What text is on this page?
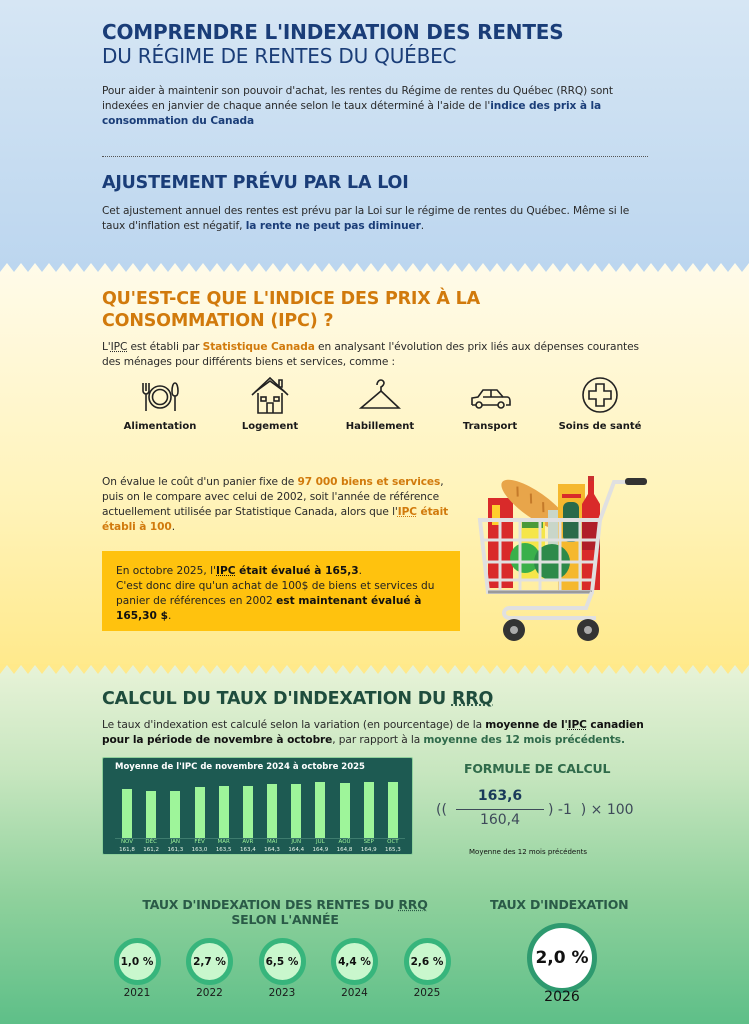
COMPRENDRE L'INDEXATION DES RENTES
DU RÉGIME DE RENTES DU QUÉBEC

Pour aider à maintenir son pouvoir d'achat, les rentes du Régime de rentes du Québec (RRQ) sont indexées en janvier de chaque année selon le taux déterminé à l'aide de l'indice des prix à la consommation du Canada

AJUSTEMENT PRÉVU PAR LA LOI

Cet ajustement annuel des rentes est prévu par la Loi sur le régime de rentes du Québec. Même si le taux d'inflation est négatif, la rente ne peut pas diminuer.

QU'EST-CE QUE L'INDICE DES PRIX À LA
CONSOMMATION (IPC) ?

L'IPC est établi par Statistique Canada en analysant l'évolution des prix liés aux dépenses courantes des ménages pour différents biens et services, comme :

Alimentation	Logement	Habillement	Transport	Soins de santé

On évalue le coût d'un panier fixe de 97 000 biens et services, puis on le compare avec celui de 2002, soit l'année de référence actuellement utilisée par Statistique Canada, alors que l'IPC était établi à 100.

En octobre 2025, l'IPC était évalué à 165,3.
C'est donc dire qu'un achat de 100$ de biens et services du panier de références en 2002 est maintenant évalué à 165,30 $.

CALCUL DU TAUX D'INDEXATION DU RRQ

Le taux d'indexation est calculé selon la variation (en pourcentage) de la moyenne de l'IPC canadien pour la période de novembre à octobre, par rapport à la moyenne des 12 mois précédents.

Moyenne de l'IPC de novembre 2024 à octobre 2025
NOV
161,8
DÉC
161,2
JAN
161,3
FÉV
163,0
MAR
163,5
AVR
163,4
MAI
164,3
JUN
164,4
JUL
164,9
AOÛ
164,8
SEP
164,9
OCT
165,3
FORMULE DE CALCUL
((
163,6
160,4
) -1  ) × 100
Moyenne des 12 mois précédents
TAUX D'INDEXATION DES RENTES DU RRQ
SELON L'ANNÉE
1,0 %
2021
2,7 %
2022
6,5 %
2023
4,4 %
2024
2,6 %
2025
TAUX D'INDEXATION
2,0 %
2026
